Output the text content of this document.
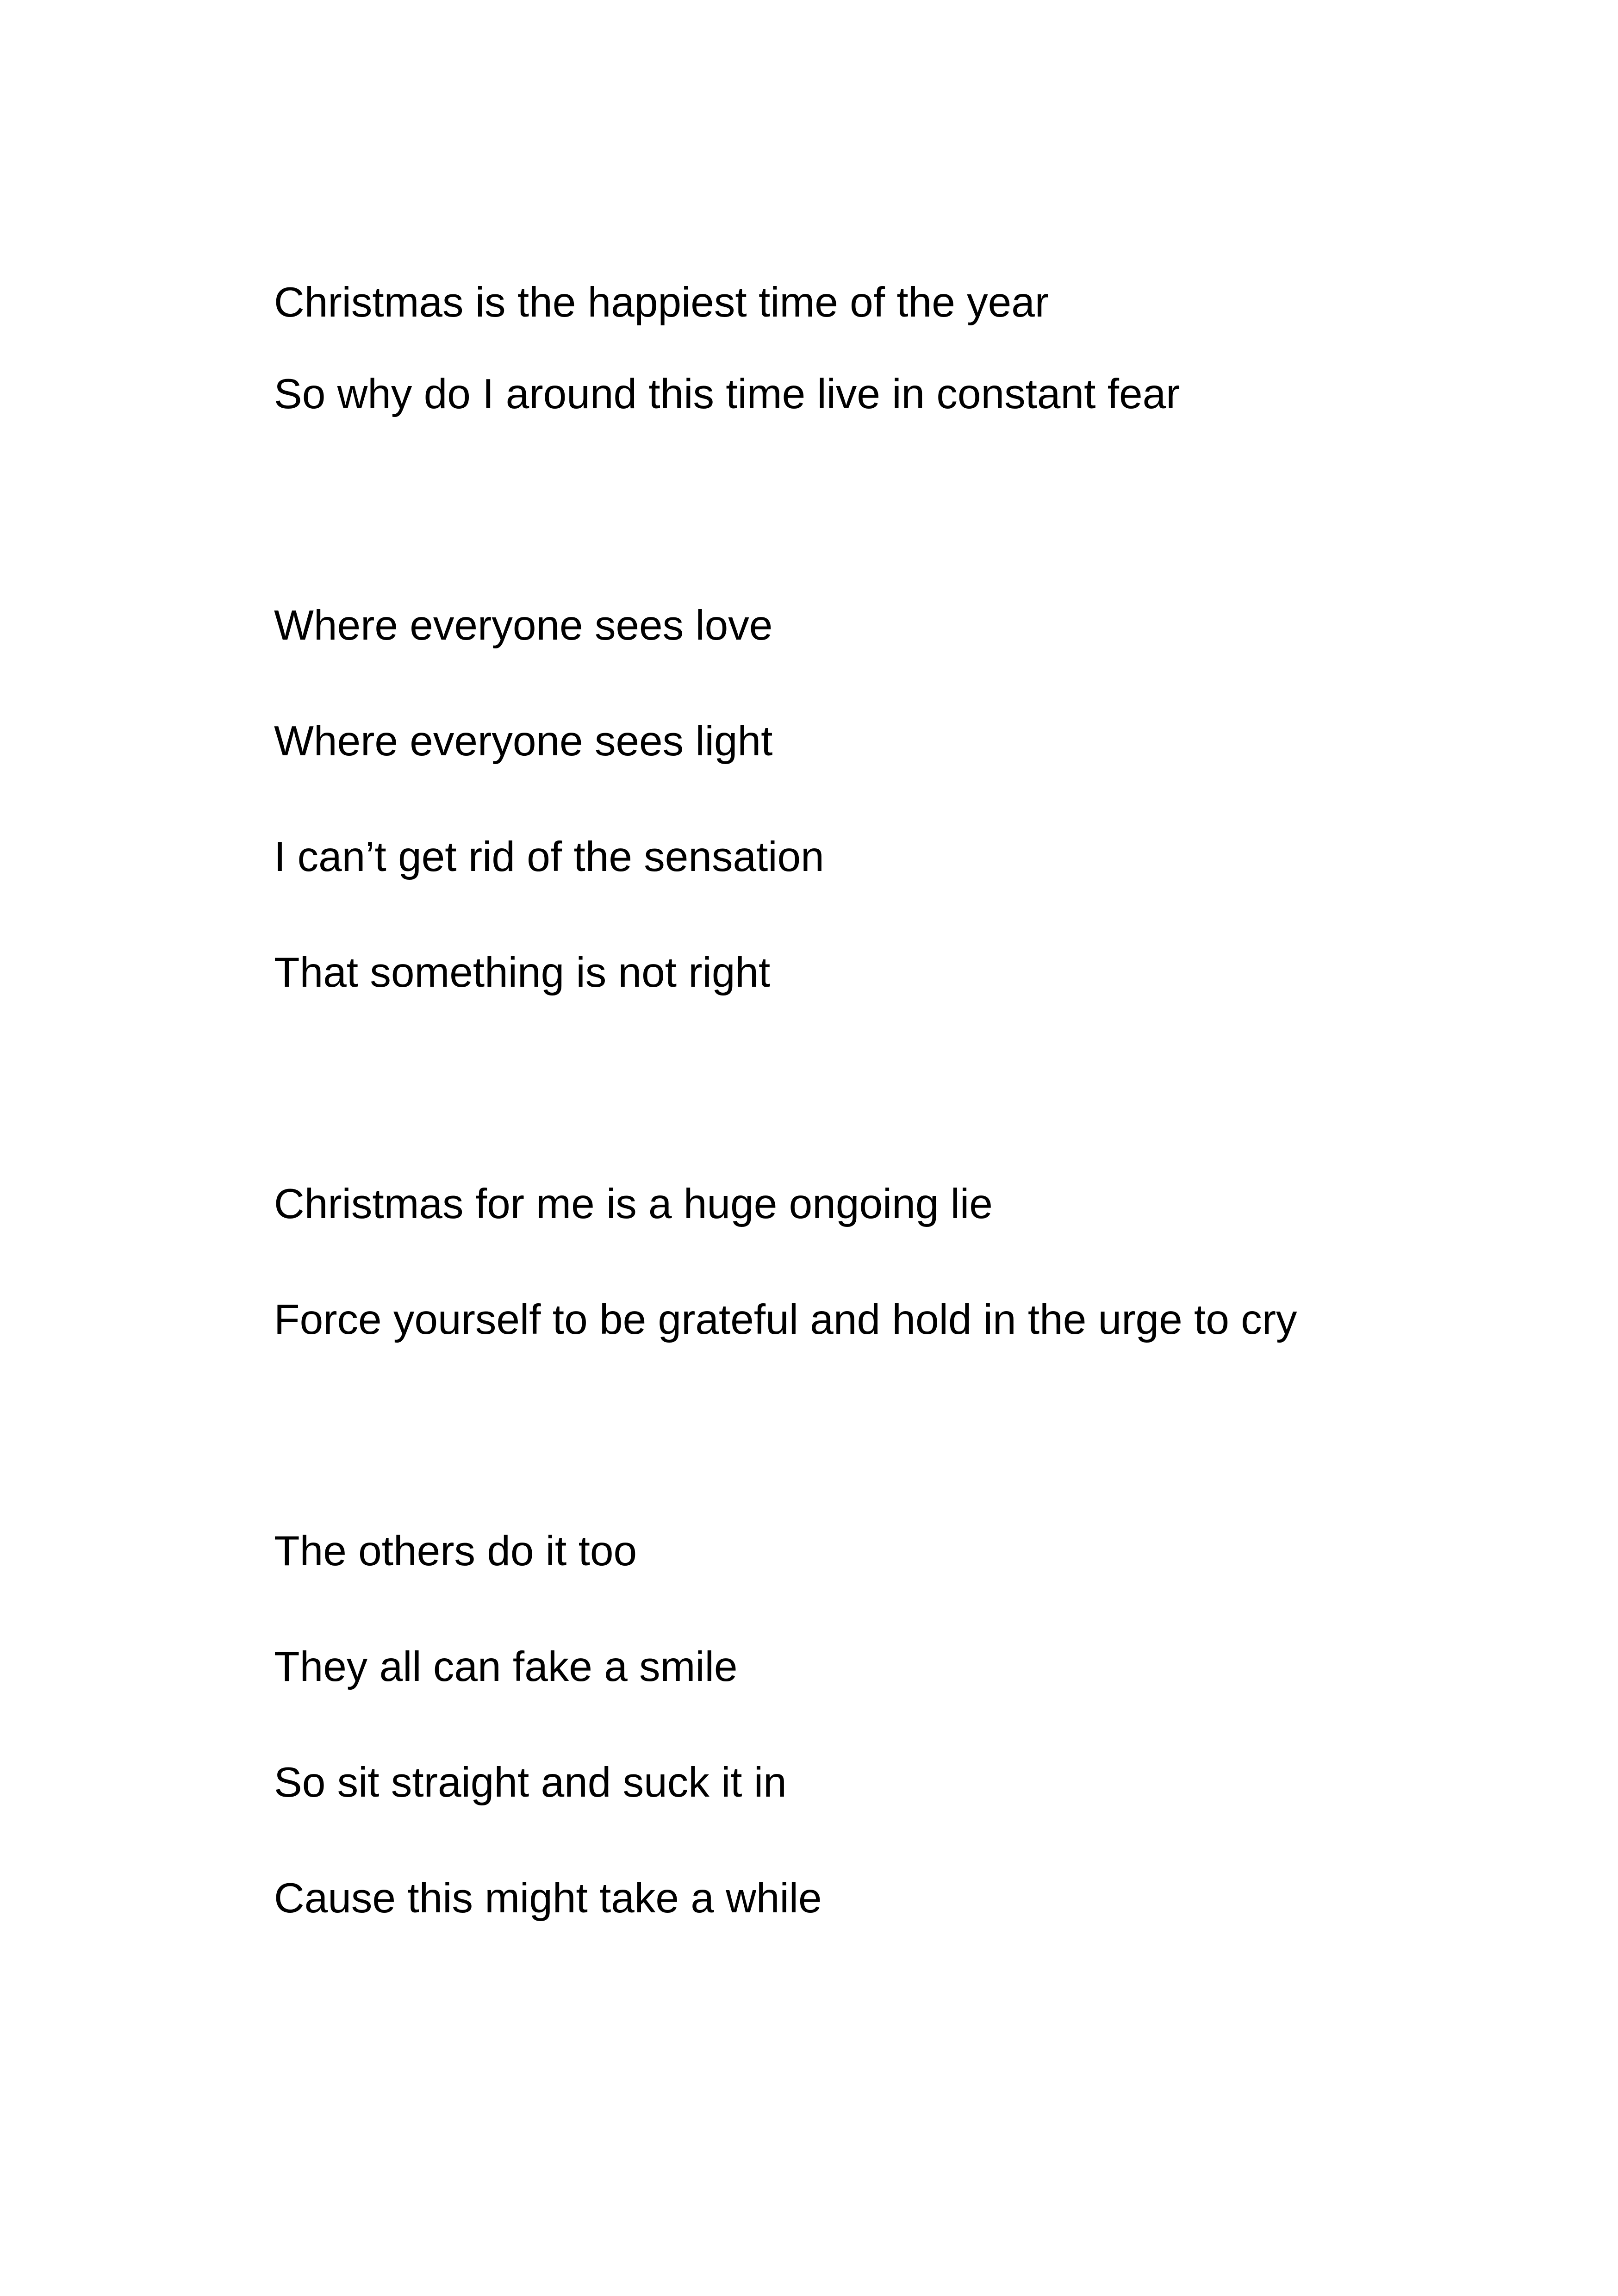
Christmas is the happiest time of the year
So why do I around this time live in constant fear
Where everyone sees love
Where everyone sees light
I can’t get rid of the sensation
That something is not right
Christmas for me is a huge ongoing lie
Force yourself to be grateful and hold in the urge to cry
The others do it too
They all can fake a smile
So sit straight and suck it in
Cause this might take a while
